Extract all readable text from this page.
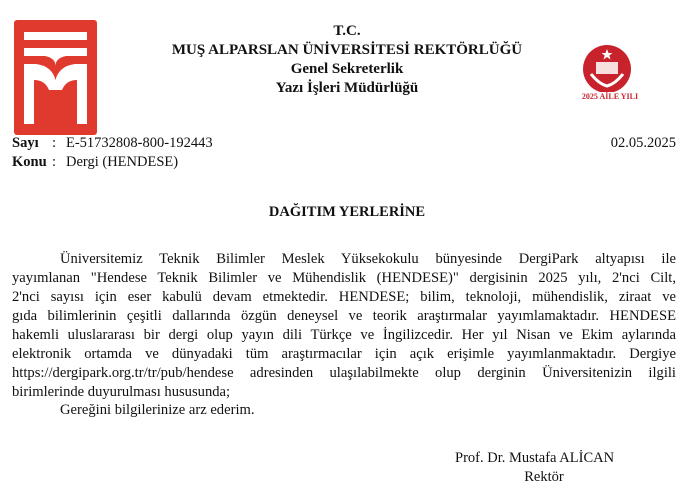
T.C.
MUŞ ALPARSLAN ÜNİVERSİTESİ REKTÖRLÜĞÜ
Genel Sekreterlik
Yazı İşleri Müdürlüğü
2025 AİLE YILI
Sayı : E-51732808-800-192443
Konu : Dergi (HENDESE)
02.05.2025
DAĞITIM YERLERİNE
Üniversitemiz Teknik Bilimler Meslek Yüksekokulu bünyesinde DergiPark altyapısı ile
yayımlanan "Hendese Teknik Bilimler ve Mühendislik (HENDESE)" dergisinin 2025 yılı, 2'nci Cilt,
2'nci sayısı için eser kabulü devam etmektedir. HENDESE; bilim, teknoloji, mühendislik, ziraat ve
gıda bilimlerinin çeşitli dallarında özgün deneysel ve teorik araştırmalar yayımlamaktadır. HENDESE
hakemli uluslararası bir dergi olup yayın dili Türkçe ve İngilizcedir. Her yıl Nisan ve Ekim aylarında
elektronik ortamda ve dünyadaki tüm araştırmacılar için açık erişimle yayımlanmaktadır. Dergiye
https://dergipark.org.tr/tr/pub/hendese adresinden ulaşılabilmekte olup derginin Üniversitenizin ilgili
birimlerinde duyurulması hususunda;
Gereğini bilgilerinize arz ederim.
Prof. Dr. Mustafa ALİCAN
Rektör
